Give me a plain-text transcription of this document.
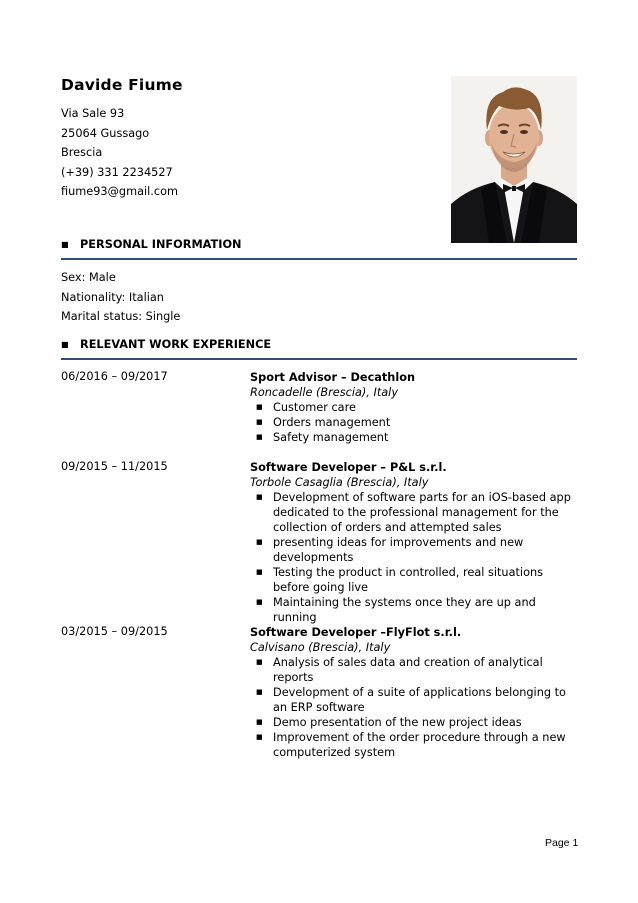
Davide Fiume
Via Sale 93
25064 Gussago
Brescia
(+39) 331 2234527
fiume93@gmail.com
■ PERSONAL INFORMATION
Sex: Male
Nationality: Italian
Marital status: Single
■ RELEVANT WORK EXPERIENCE
06/2016 – 09/2017	Sport Advisor – Decathlon
Roncadelle (Brescia), Italy
■ Customer care
■ Orders management
■ Safety management
09/2015 – 11/2015	Software Developer – P&L s.r.l.
Torbole Casaglia (Brescia), Italy
■ Development of software parts for an iOS-based app dedicated to the professional management for the collection of orders and attempted sales
■ presenting ideas for improvements and new developments
■ Testing the product in controlled, real situations before going live
■ Maintaining the systems once they are up and running
03/2015 – 09/2015	Software Developer –FlyFlot s.r.l.
Calvisano (Brescia), Italy
■ Analysis of sales data and creation of analytical reports
■ Development of a suite of applications belonging to an ERP software
■ Demo presentation of the new project ideas
■ Improvement of the order procedure through a new computerized system
Page 1
